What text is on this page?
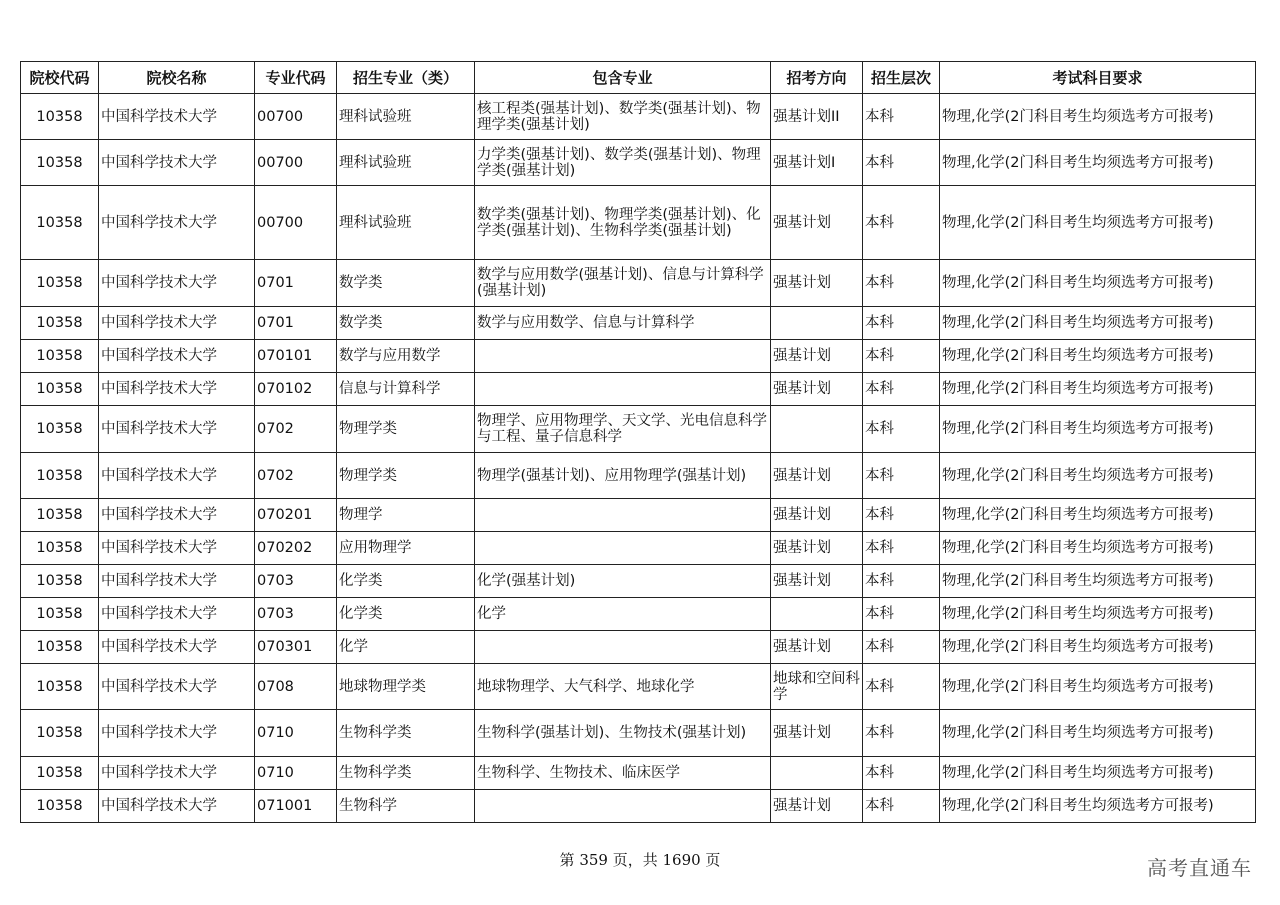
院校代码	院校名称	专业代码	招生专业（类）	包含专业	招考方向	招生层次	考试科目要求
10358	中国科学技术大学	00700	理科试验班	核工程类(强基计划)、数学类(强基计划)、物理学类(强基计划)	强基计划II	本科	物理,化学(2门科目考生均须选考方可报考)
10358	中国科学技术大学	00700	理科试验班	力学类(强基计划)、数学类(强基计划)、物理学类(强基计划)	强基计划I	本科	物理,化学(2门科目考生均须选考方可报考)
10358	中国科学技术大学	00700	理科试验班	数学类(强基计划)、物理学类(强基计划)、化学类(强基计划)、生物科学类(强基计划)	强基计划	本科	物理,化学(2门科目考生均须选考方可报考)
10358	中国科学技术大学	0701	数学类	数学与应用数学(强基计划)、信息与计算科学(强基计划)	强基计划	本科	物理,化学(2门科目考生均须选考方可报考)
10358	中国科学技术大学	0701	数学类	数学与应用数学、信息与计算科学		本科	物理,化学(2门科目考生均须选考方可报考)
10358	中国科学技术大学	070101	数学与应用数学		强基计划	本科	物理,化学(2门科目考生均须选考方可报考)
10358	中国科学技术大学	070102	信息与计算科学		强基计划	本科	物理,化学(2门科目考生均须选考方可报考)
10358	中国科学技术大学	0702	物理学类	物理学、应用物理学、天文学、光电信息科学与工程、量子信息科学		本科	物理,化学(2门科目考生均须选考方可报考)
10358	中国科学技术大学	0702	物理学类	物理学(强基计划)、应用物理学(强基计划)	强基计划	本科	物理,化学(2门科目考生均须选考方可报考)
10358	中国科学技术大学	070201	物理学		强基计划	本科	物理,化学(2门科目考生均须选考方可报考)
10358	中国科学技术大学	070202	应用物理学		强基计划	本科	物理,化学(2门科目考生均须选考方可报考)
10358	中国科学技术大学	0703	化学类	化学(强基计划)	强基计划	本科	物理,化学(2门科目考生均须选考方可报考)
10358	中国科学技术大学	0703	化学类	化学		本科	物理,化学(2门科目考生均须选考方可报考)
10358	中国科学技术大学	070301	化学		强基计划	本科	物理,化学(2门科目考生均须选考方可报考)
10358	中国科学技术大学	0708	地球物理学类	地球物理学、大气科学、地球化学	地球和空间科学	本科	物理,化学(2门科目考生均须选考方可报考)
10358	中国科学技术大学	0710	生物科学类	生物科学(强基计划)、生物技术(强基计划)	强基计划	本科	物理,化学(2门科目考生均须选考方可报考)
10358	中国科学技术大学	0710	生物科学类	生物科学、生物技术、临床医学		本科	物理,化学(2门科目考生均须选考方可报考)
10358	中国科学技术大学	071001	生物科学		强基计划	本科	物理,化学(2门科目考生均须选考方可报考)
第 359 页，共 1690 页	高考直通车
